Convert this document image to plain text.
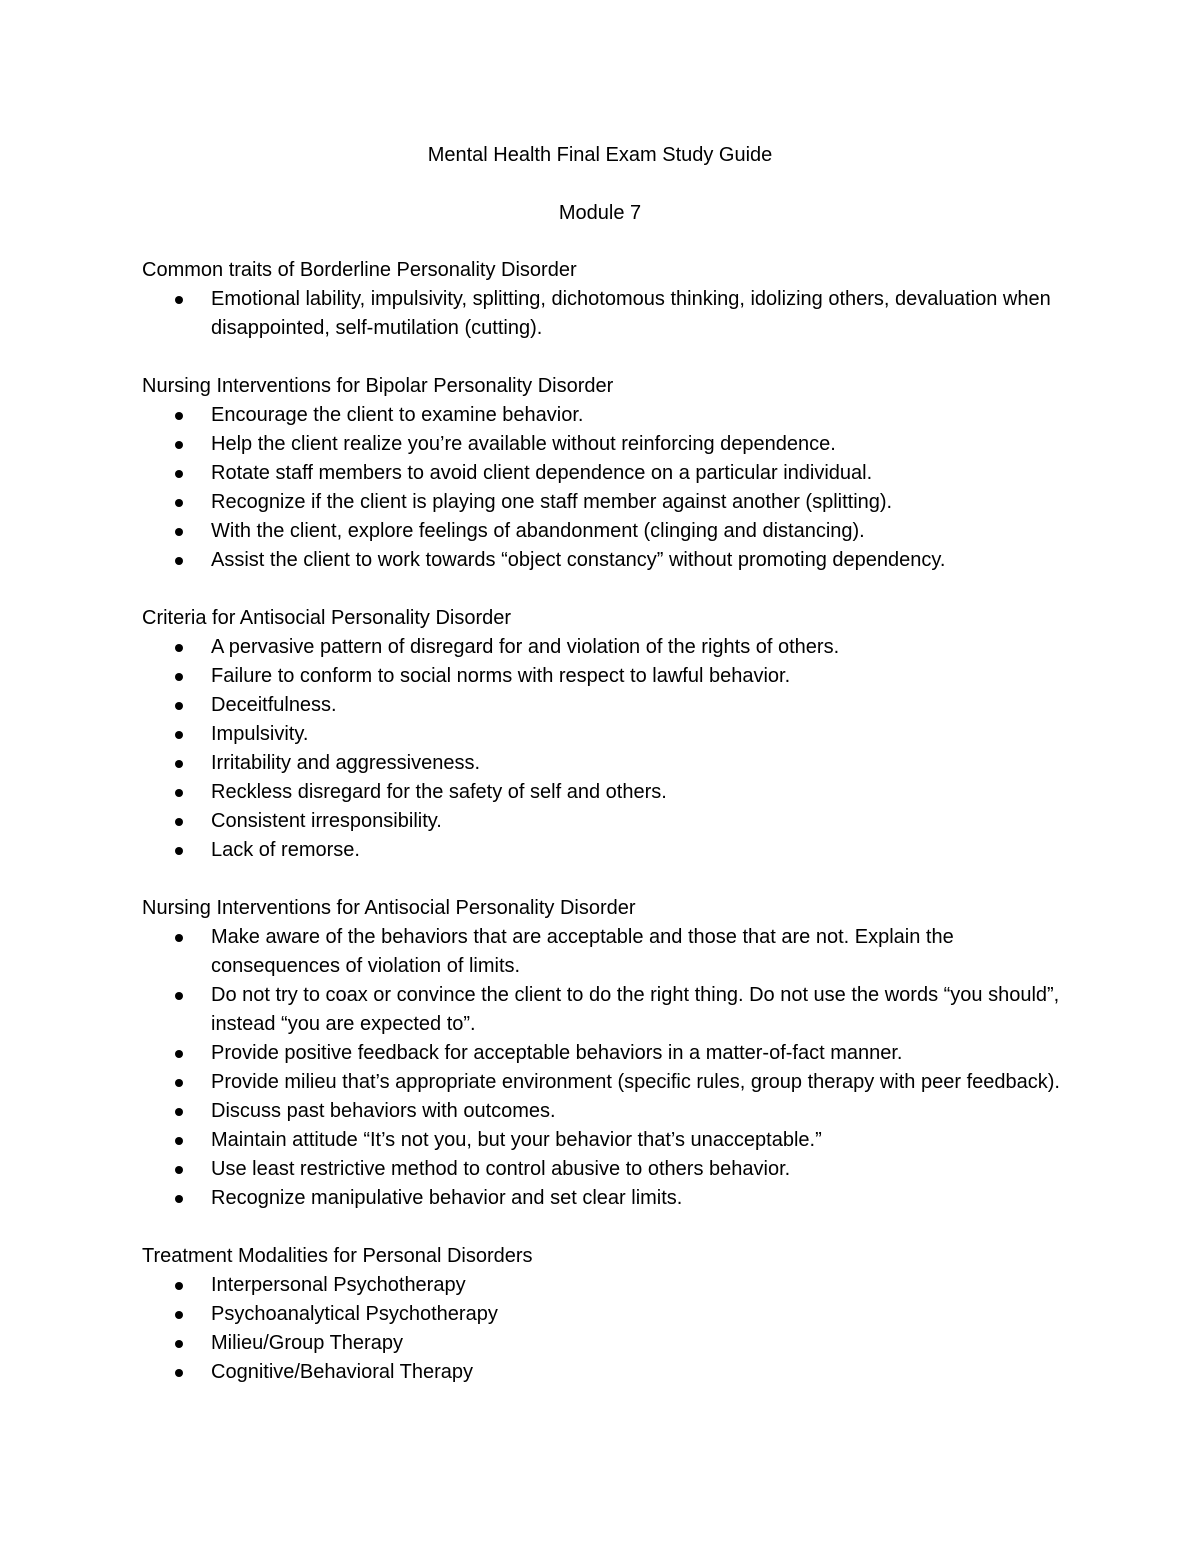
Mental Health Final Exam Study Guide
Module 7

Common traits of Borderline Personality Disorder

Emotional lability, impulsivity, splitting, dichotomous thinking, idolizing others, devaluation when disappointed, self-mutilation (cutting).

Nursing Interventions for Bipolar Personality Disorder

Encourage the client to examine behavior.
Help the client realize you’re available without reinforcing dependence.
Rotate staff members to avoid client dependence on a particular individual.
Recognize if the client is playing one staff member against another (splitting).
With the client, explore feelings of abandonment (clinging and distancing).
Assist the client to work towards “object constancy” without promoting dependency.

Criteria for Antisocial Personality Disorder

A pervasive pattern of disregard for and violation of the rights of others.
Failure to conform to social norms with respect to lawful behavior.
Deceitfulness.
Impulsivity.
Irritability and aggressiveness.
Reckless disregard for the safety of self and others.
Consistent irresponsibility.
Lack of remorse.

Nursing Interventions for Antisocial Personality Disorder

Make aware of the behaviors that are acceptable and those that are not. Explain the consequences of violation of limits.
Do not try to coax or convince the client to do the right thing. Do not use the words “you should”, instead “you are expected to”.
Provide positive feedback for acceptable behaviors in a matter-of-fact manner.
Provide milieu that’s appropriate environment (specific rules, group therapy with peer feedback).
Discuss past behaviors with outcomes.
Maintain attitude “It’s not you, but your behavior that’s unacceptable.”
Use least restrictive method to control abusive to others behavior.
Recognize manipulative behavior and set clear limits.

Treatment Modalities for Personal Disorders

Interpersonal Psychotherapy
Psychoanalytical Psychotherapy
Milieu/Group Therapy
Cognitive/Behavioral Therapy
